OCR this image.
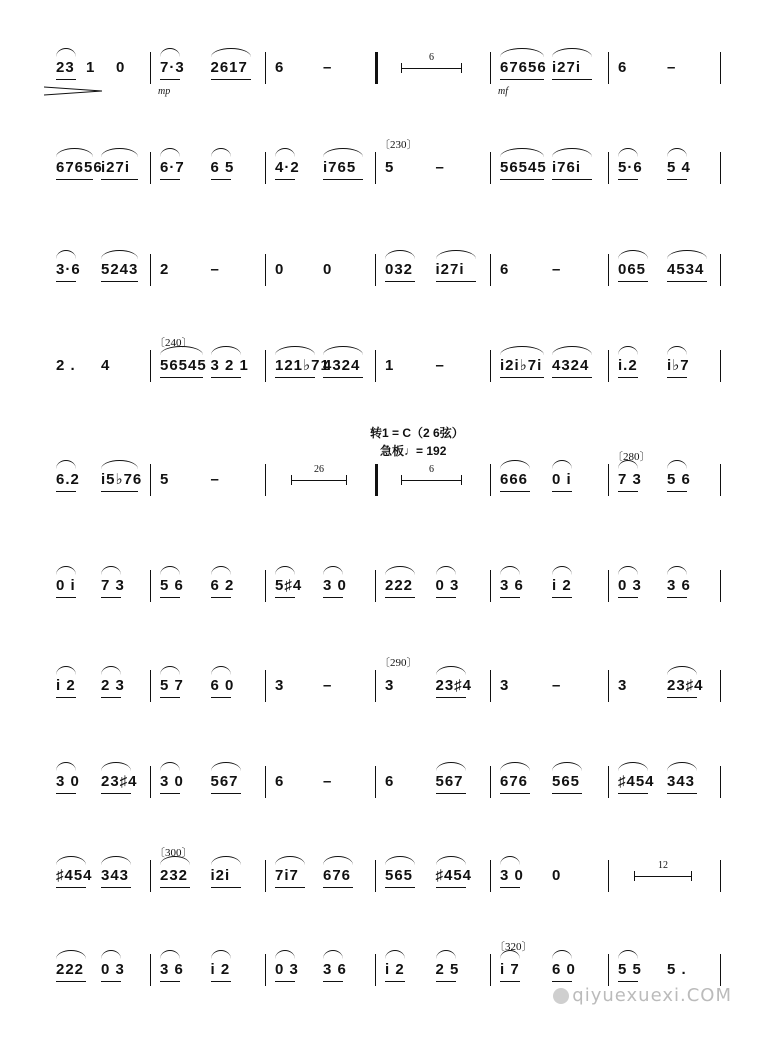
23 1 0 7·3 2617
mp
6	–
6
67656 i27i
mf
6	–
67656
i27i 6·7 6 5	4·2 i765
〔230〕
5	–	56545 i76i 5·6 5 4
3·6 5243 2	–	0	0	032 i27i 6	–	065 4534
2 . 4
〔240〕
56545 3 2 1 121♭71
4324 1	–	i2i♭7i 4324 i.2 i♭7
6.2 i5♭76 5	–
26	6
666 0 i
〔280〕
7 3 5 6
0 i 7 3 5 6 6 2	5♯4 3 0	222 0 3	3 6 i 2	0 3 3 6
i 2 2 3 5 7 6 0	3	–
〔290〕
3	23♯4 3	–	3	23♯4
3 0 23♯4 3 0 567 6	–	6	567 676 565	♯454 343
♯454 343
〔300〕
232 i2i	7i7 676 565 ♯454 3 0 0
12
222 0 3 3 6 i 2	0 3 3 6	i 2 2 5
〔320〕
i 7 6 0	5 5 5 .
转1 = C（2 6弦）
急板♩= 192
qiyuexuexi.COM
